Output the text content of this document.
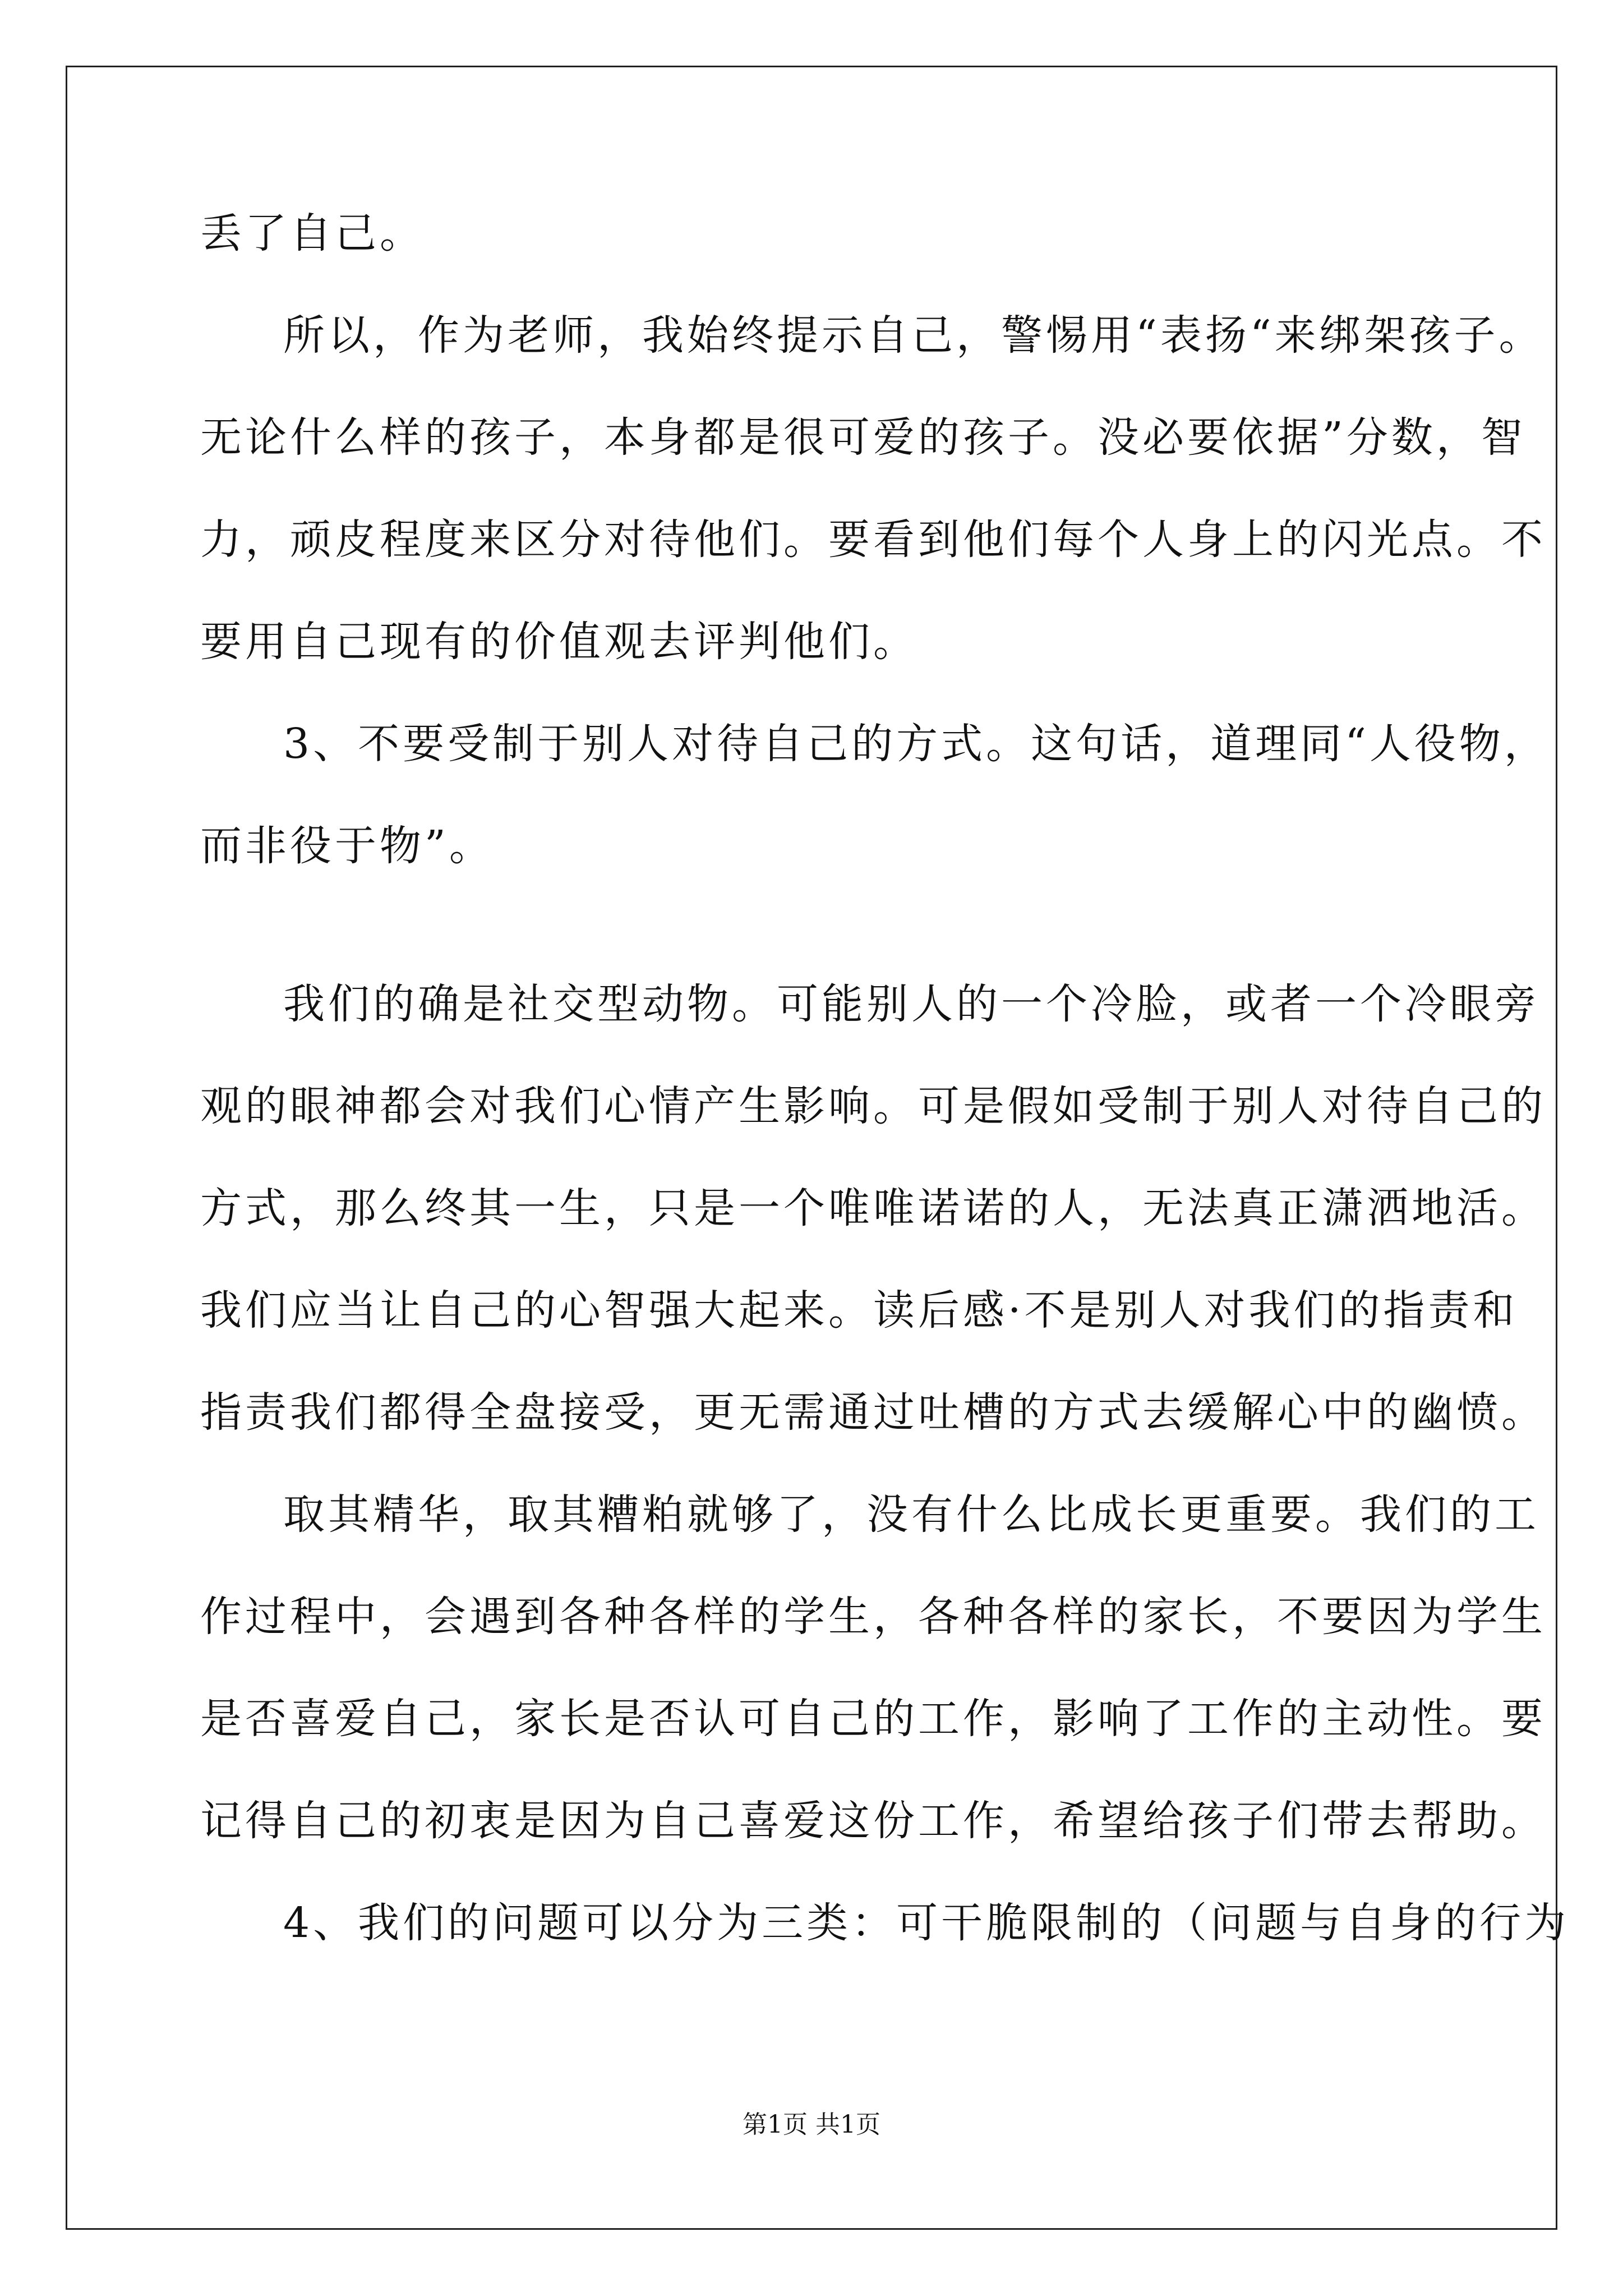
丢了自己。
所以，作为老师，我始终提示自己，警惕用“表扬“来绑架孩子。
无论什么样的孩子，本身都是很可爱的孩子。没必要依据”分数，智
力，顽皮程度来区分对待他们。要看到他们每个人身上的闪光点。不
要用自己现有的价值观去评判他们。
3、不要受制于别人对待自己的方式。这句话，道理同“人役物，
而非役于物”。
我们的确是社交型动物。可能别人的一个冷脸，或者一个冷眼旁
观的眼神都会对我们心情产生影响。可是假如受制于别人对待自己的
方式，那么终其一生，只是一个唯唯诺诺的人，无法真正潇洒地活。
我们应当让自己的心智强大起来。读后感·不是别人对我们的指责和
指责我们都得全盘接受，更无需通过吐槽的方式去缓解心中的幽愤。
取其精华，取其糟粕就够了，没有什么比成长更重要。我们的工
作过程中，会遇到各种各样的学生，各种各样的家长，不要因为学生
是否喜爱自己，家长是否认可自己的工作，影响了工作的主动性。要
记得自己的初衷是因为自己喜爱这份工作，希望给孩子们带去帮助。
4、我们的问题可以分为三类：可干脆限制的（问题与自身的行为
第1页 共1页
